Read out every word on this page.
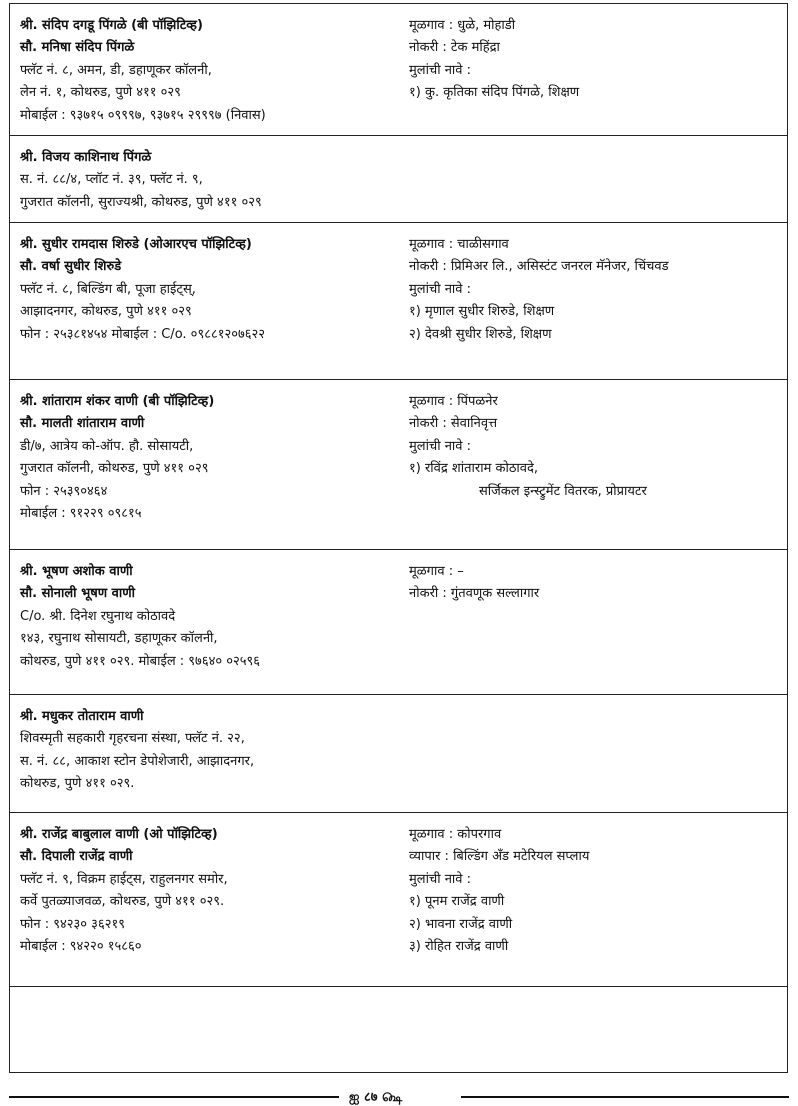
श्री. संदिप दगडू पिंगळे (बी पॉझिटिव्ह)
सौ. मनिषा संदिप पिंगळे
फ्लॅट नं. ८, अमन, डी, डहाणूकर कॉलनी,
लेन नं. १, कोथरुड, पुणे ४११ ०२९
मोबाईल : ९३७१५ ०९९९७, ९३७१५ २९९९७ (निवास)
मूळगाव : धुळे, मोहाडी
नोकरी : टेक महिंद्रा
मुलांची नावे :
१) कु. कृतिका संदिप पिंगळे, शिक्षण
श्री. विजय काशिनाथ पिंगळे
स. नं. ८८/४, प्लॉट नं. ३९, फ्लॅट नं. ९,
गुजरात कॉलनी, सुराज्यश्री, कोथरुड, पुणे ४११ ०२९
श्री. सुधीर रामदास शिरुडे (ओआरएच पॉझिटिव्ह)
सौ. वर्षा सुधीर शिरुडे
फ्लॅट नं. ८, बिल्डिंग बी, पूजा हाईट्स्,
आझादनगर, कोथरुड, पुणे ४११ ०२९
फोन : २५३८१४५४ मोबाईल : C/o. ०९८८१२०७६२२
मूळगाव : चाळीसगाव
नोकरी : प्रिमिअर लि., असिस्टंट जनरल मॅनेजर, चिंचवड
मुलांची नावे :
१) मृणाल सुधीर शिरुडे, शिक्षण
२) देवश्री सुधीर शिरुडे, शिक्षण
श्री. शांताराम शंकर वाणी (बी पॉझिटिव्ह)
सौ. मालती शांताराम वाणी
डी/७, आत्रेय को-ऑप. हौ. सोसायटी,
गुजरात कॉलनी, कोथरुड, पुणे ४११ ०२९
फोन : २५३९०४६४
मोबाईल : ९१२२९ ०९८१५
मूळगाव : पिंपळनेर
नोकरी : सेवानिवृत्त
मुलांची नावे :
१) रविंद्र शांताराम कोठावदे,
सर्जिकल इन्स्ट्रुमेंट वितरक, प्रोप्रायटर
श्री. भूषण अशोक वाणी
सौ. सोनाली भूषण वाणी
C/o. श्री. दिनेश रघुनाथ कोठावदे
१४३, रघुनाथ सोसायटी, डहाणूकर कॉलनी,
कोथरुड, पुणे ४११ ०२९. मोबाईल : ९७६४० ०२५९६
मूळगाव : –
नोकरी : गुंतवणूक सल्लागार
श्री. मधुकर तोताराम वाणी
शिवस्मृती सहकारी गृहरचना संस्था, फ्लॅट नं. २२,
स. नं. ८८, आकाश स्टोन डेपोशेजारी, आझादनगर,
कोथरुड, पुणे ४११ ०२९.
श्री. राजेंद्र बाबुलाल वाणी (ओ पॉझिटिव्ह)
सौ. दिपाली राजेंद्र वाणी
फ्लॅट नं. ९, विक्रम हाईट्स, राहुलनगर समोर,
कर्वे पुतळ्याजवळ, कोथरुड, पुणे ४११ ०२९.
फोन : ९४२३० ३६२१९
मोबाईल : ९४२२० १५८६०
मूळगाव : कोपरगाव
व्यापार : बिल्डिंग अँड मटेरियल सप्लाय
मुलांची नावे :
१) पूनम राजेंद्र वाणी
२) भावना राजेंद्र वाणी
३) रोहित राजेंद्र वाणी
ஐ ८७ ௸
